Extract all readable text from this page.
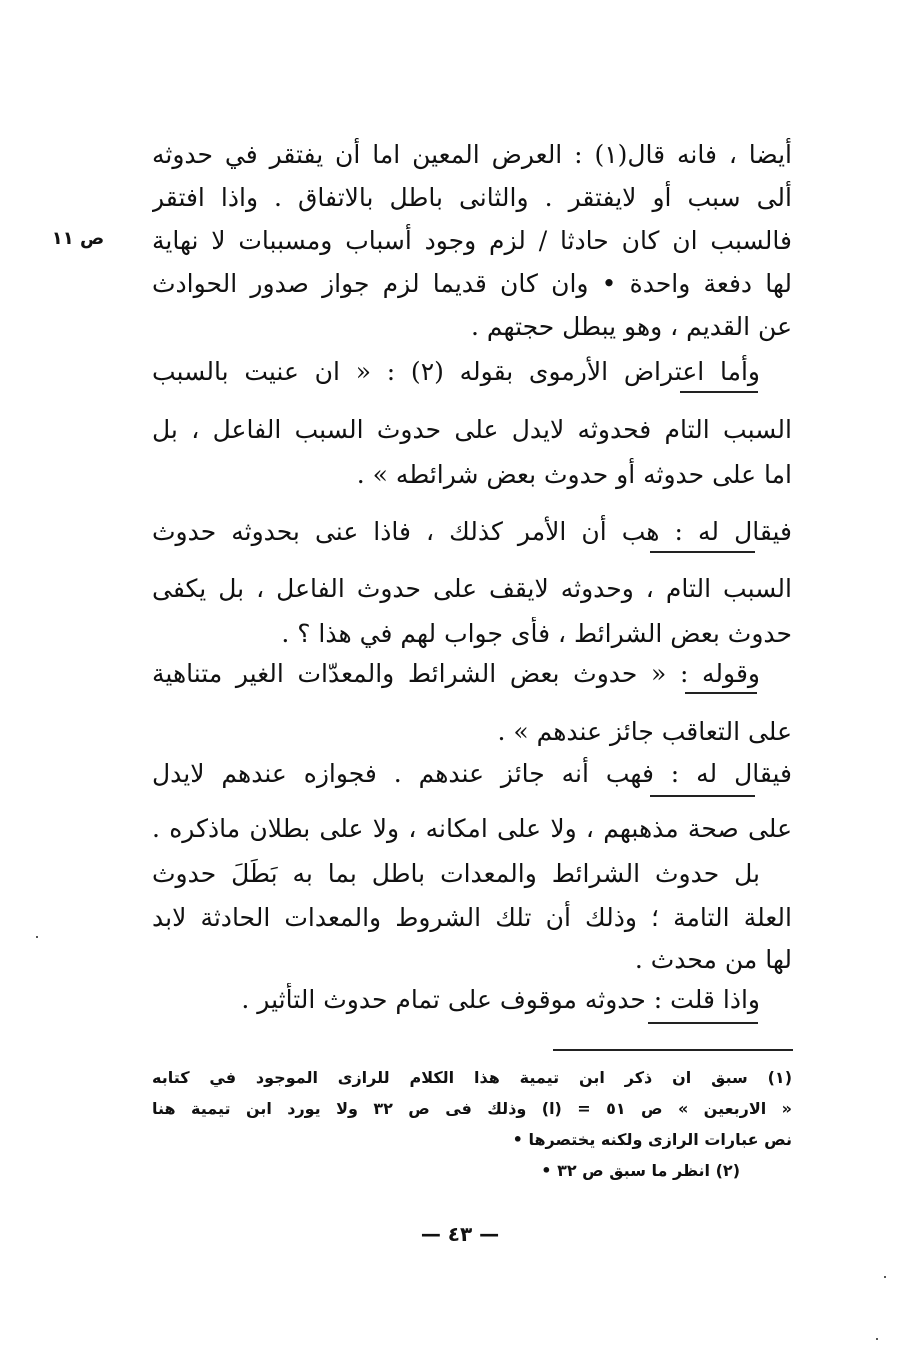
ص ١١
أيضا ، فانه قال(١) : العرض المعين اما أن يفتقر في حدوثه
ألى سبب أو لايفتقر . والثانى باطل بالاتفاق . واذا افتقر
فالسبب ان كان حادثا / لزم وجود أسباب ومسببات لا نهاية
لها دفعة واحدة • وان كان قديما لزم جواز صدور الحوادث
عن القديم ، وهو يبطل حجتهم .
وأما اعتراض الأرموى بقوله (٢) : « ان عنيت بالسبب
السبب التام فحدوثه لايدل على حدوث السبب الفاعل ، بل
اما على حدوثه أو حدوث بعض شرائطه » .
فيقال له : هب أن الأمر كذلك ، فاذا عنى بحدوثه حدوث
السبب التام ، وحدوثه لايقف على حدوث الفاعل ، بل يكفى
حدوث بعض الشرائط ، فأى جواب لهم في هذا ؟ .
وقوله : « حدوث بعض الشرائط والمعدّات الغير متناهية
على التعاقب جائز عندهم » .
فيقال له : فهب أنه جائز عندهم . فجوازه عندهم لايدل
على صحة مذهبهم ، ولا على امكانه ، ولا على بطلان ماذكره .
بل حدوث الشرائط والمعدات باطل بما به بَطَلَ حدوث
العلة التامة ؛ وذلك أن تلك الشروط والمعدات الحادثة لابد
لها من محدث .
واذا قلت : حدوثه موقوف على تمام حدوث التأثير .
(١) سبق ان ذكر ابن تيمية هذا الكلام للرازى الموجود في كتابه
« الاربعين » ص ٥١ = (ا) وذلك فى ص ٣٢ ولا يورد ابن تيمية هنا
نص عبارات الرازى ولكنه يختصرها •
(٢) انظر ما سبق ص ٣٢ •
— ٤٣ —
